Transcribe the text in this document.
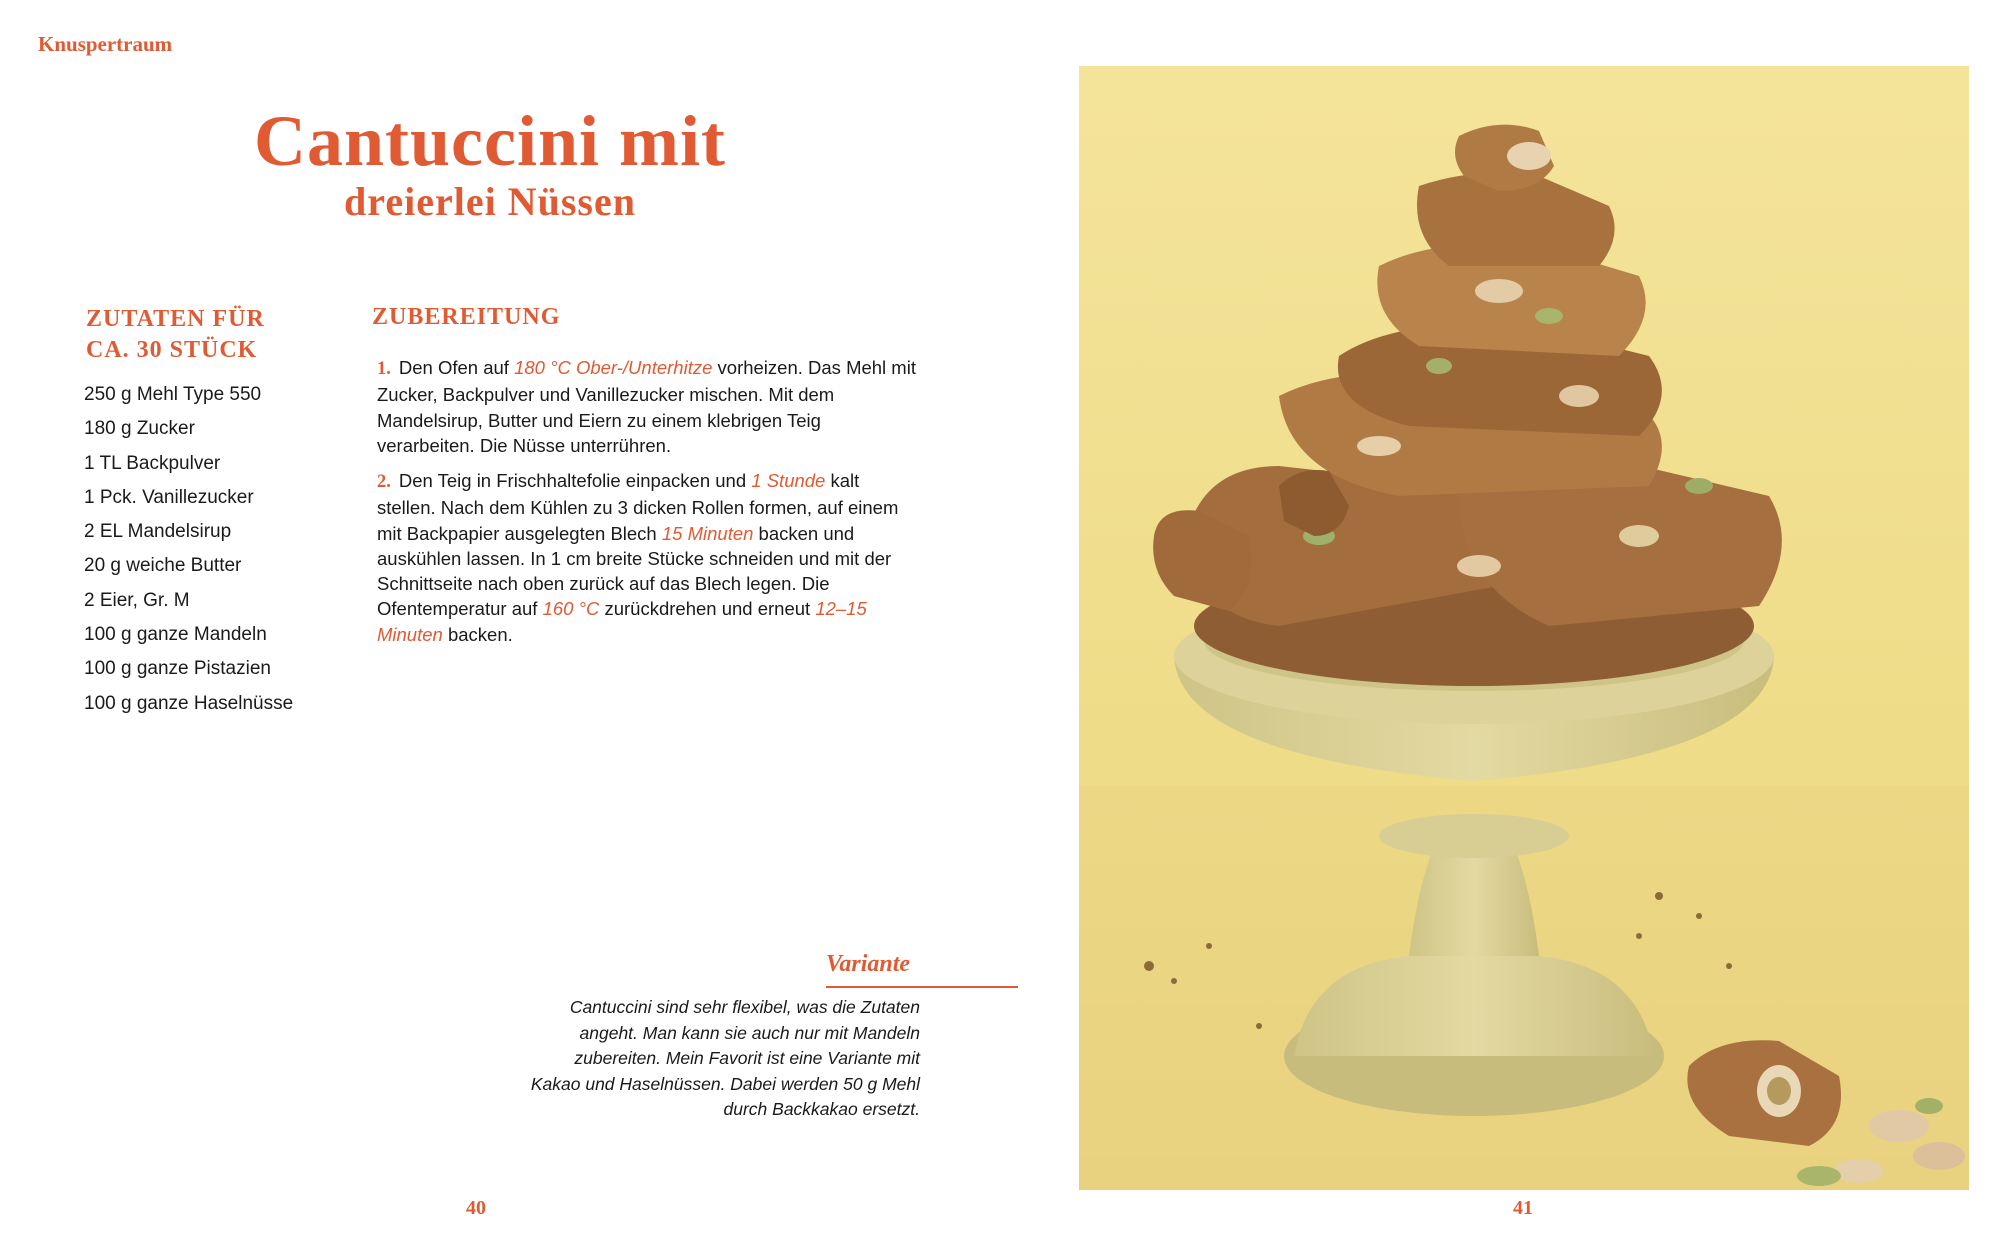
Knuspertraum
Cantuccini mit
dreierlei Nüssen
ZUTATEN FÜR
CA. 30 STÜCK
250 g Mehl Type 550
180 g Zucker
1 TL Backpulver
1 Pck. Vanillezucker
2 EL Mandelsirup
20 g weiche Butter
2 Eier, Gr. M
100 g ganze Mandeln
100 g ganze Pistazien
100 g ganze Haselnüsse
ZUBEREITUNG

1. Den Ofen auf 180 °C Ober-/Unterhitze vorheizen. Das Mehl mit Zucker, Backpulver und Vanillezucker mischen. Mit dem Mandelsirup, Butter und Eiern zu einem klebrigen Teig verarbeiten. Die Nüsse unterrühren.

2. Den Teig in Frischhaltefolie einpacken und 1 Stunde kalt stellen. Nach dem Kühlen zu 3 dicken Rollen formen, auf einem mit Backpapier ausgelegten Blech 15 Minuten backen und auskühlen lassen. In 1 cm breite Stücke schneiden und mit der Schnittseite nach oben zurück auf das Blech legen. Die Ofentemperatur auf 160 °C zurückdrehen und erneut 12–15 Minuten backen.

Variante

Cantuccini sind sehr flexibel, was die Zutaten angeht. Man kann sie auch nur mit Mandeln zubereiten. Mein Favorit ist eine Variante mit Kakao und Haselnüssen. Dabei werden 50 g Mehl durch Backkakao ersetzt.

40	41
